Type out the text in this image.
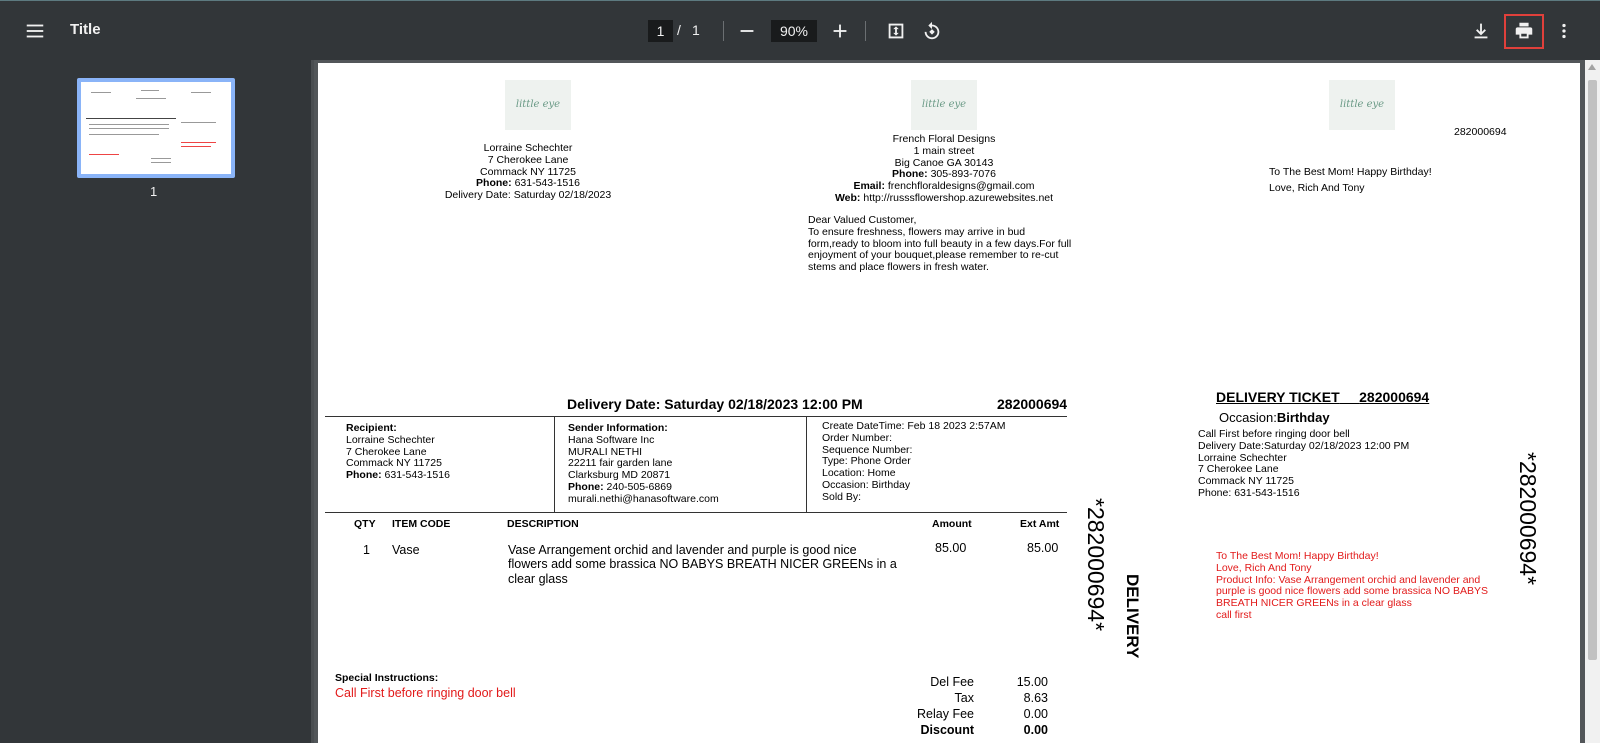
Title
1	/ 1
90%
1
little eye	little eye	little eye
Lorraine Schechter
7 Cherokee Lane
Commack NY 11725
Phone: 631-543-1516
Delivery Date: Saturday 02/18/2023
French Floral Designs
1 main street
Big Canoe GA 30143
Phone: 305-893-7076
Email: frenchfloraldesigns@gmail.com
Web: http://russsflowershop.azurewebsites.net
Dear Valued Customer,
To ensure freshness, flowers may arrive in bud
form,ready to bloom into full beauty in a few days.For full
enjoyment of your bouquet,please remember to re-cut
stems and place flowers in fresh water.
282000694
To The Best Mom! Happy Birthday!
Love, Rich And Tony
Delivery Date: Saturday 02/18/2023 12:00 PM	282000694
Recipient:
Lorraine Schechter
7 Cherokee Lane
Commack NY 11725
Phone: 631-543-1516
Sender Information:
Hana Software Inc
MURALI NETHI
22211 fair garden lane
Clarksburg MD 20871
Phone: 240-505-6869
murali.nethi@hanasoftware.com
Create DateTime: Feb 18 2023 2:57AM
Order Number:
Sequence Number:
Type: Phone Order
Location: Home
Occasion: Birthday
Sold By:
QTY ITEM CODE	DESCRIPTION	Amount	Ext Amt
1 Vase	Vase Arrangement orchid and lavender and purple is good nice
flowers add some brassica NO BABYS BREATH NICER GREENs in a
clear glass
85.00	85.00
Special Instructions:
Call First before ringing door bell
Del Fee	15.00
Tax	8.63
Relay Fee	0.00
Discount	0.00
*282000694* DELIVERY
*282000694*
DELIVERY TICKET 282000694
Occasion:Birthday
Call First before ringing door bell
Delivery Date:Saturday 02/18/2023 12:00 PM
Lorraine Schechter
7 Cherokee Lane
Commack NY 11725
Phone: 631-543-1516
To The Best Mom! Happy Birthday!
Love, Rich And Tony
Product Info: Vase Arrangement orchid and lavender and
purple is good nice flowers add some brassica NO BABYS
BREATH NICER GREENs in a clear glass
call first
